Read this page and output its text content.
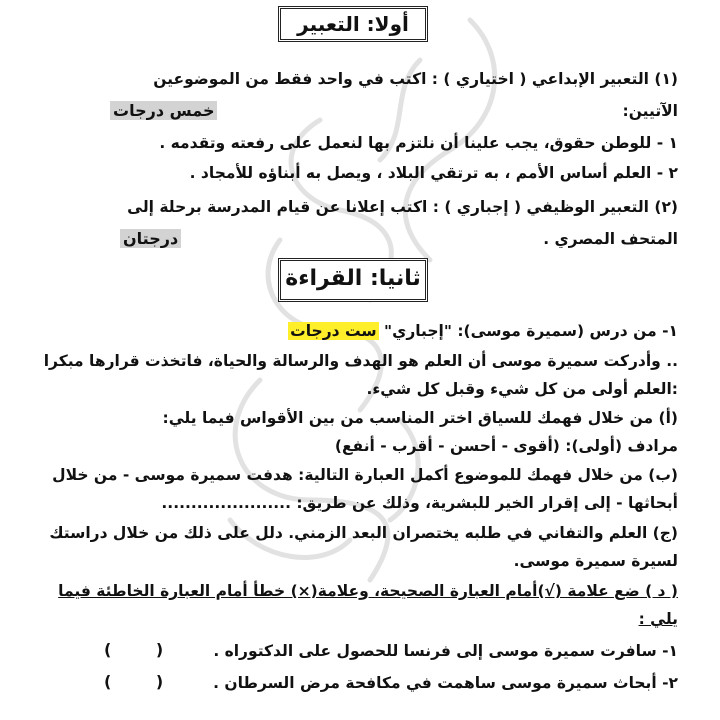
أولا: التعبير
(١) التعبير الإبداعي ( اختياري ) : اكتب في واحد فقط من الموضوعين
الآتيين:
خمس درجات
١ - للوطن حقوق، يجب علينا أن نلتزم بها لنعمل على رفعته وتقدمه .
٢ - العلم أساس الأمم ، به ترتقي البلاد ، ويصل به أبناؤه للأمجاد .
(٢) التعبير الوظيفي ( إجباري ) : اكتب إعلانا عن قيام المدرسة برحلة إلى
المتحف المصري .
درجتان
ثانيا: القراءة
١- من درس (سميرة موسى): "إجباري" ست درجات
.. وأدركت سميرة موسى أن العلم هو الهدف والرسالة والحياة، فاتخذت قرارها مبكرا
:العلم أولى من كل شيء وقبل كل شيء.
(أ) من خلال فهمك للسياق اختر المناسب من بين الأقواس فيما يلي:
مرادف (أولى): (أقوى - أحسن - أقرب - أنفع)
(ب) من خلال فهمك للموضوع أكمل العبارة التالية: هدفت سميرة موسى - من خلال
أبحاثها - إلى إقرار الخير للبشرية، وذلك عن طريق: ......................
(ج) العلم والتفاني في طلبه يختصران البعد الزمني. دلل على ذلك من خلال دراستك
لسيرة سميرة موسى.
( د ) ضع علامة (√)أمام العبارة الصحيحة، وعلامة(×) خطأ أمام العبارة الخاطئة فيما
يلي :
١- سافرت سميرة موسى إلى فرنسا للحصول على الدكتوراه .
(        )
٢- أبحاث سميرة موسى ساهمت في مكافحة مرض السرطان .
(        )
